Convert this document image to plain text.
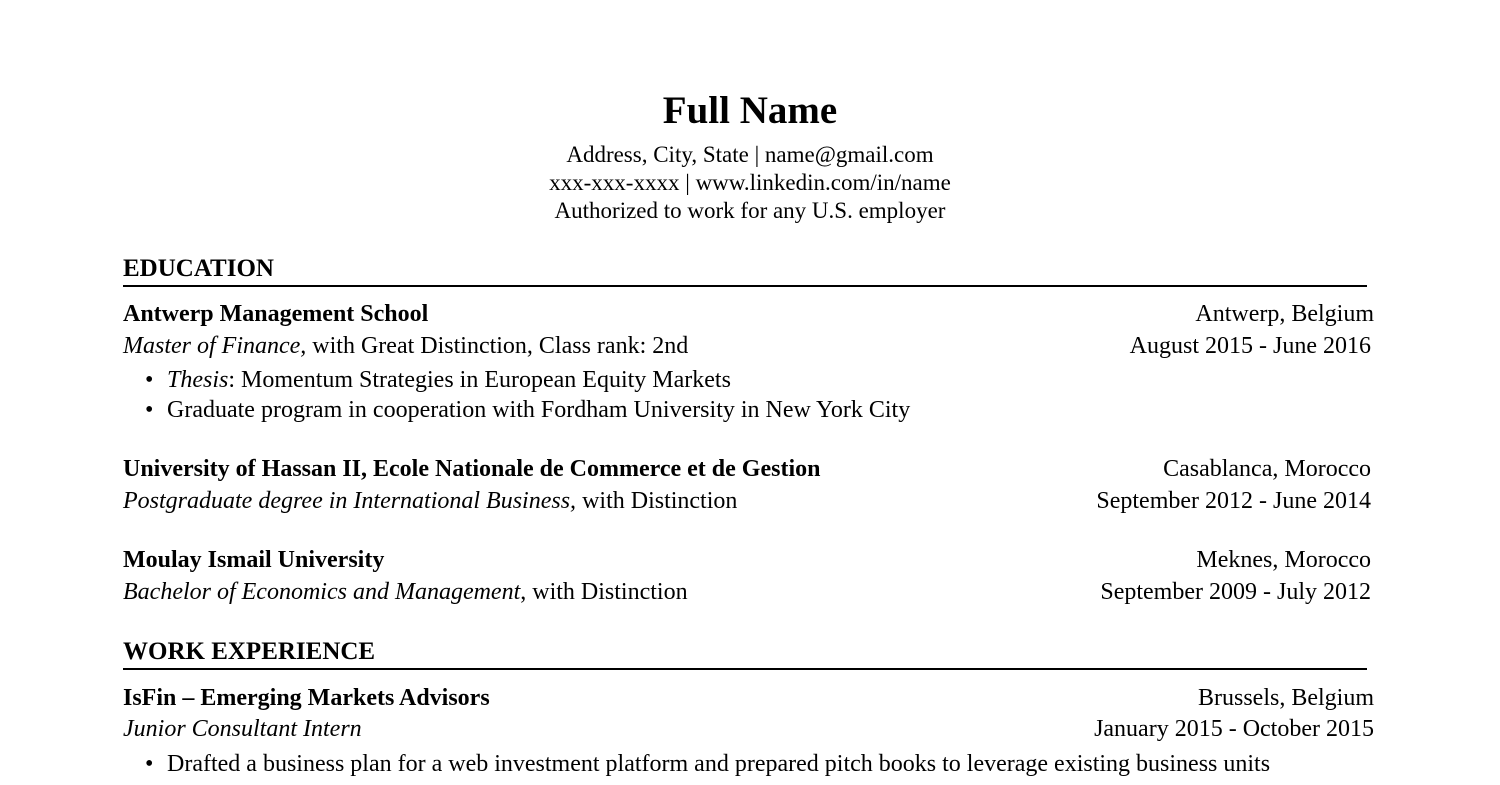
Full Name
Address, City, State | name@gmail.com
xxx-xxx-xxxx | www.linkedin.com/in/name
Authorized to work for any U.S. employer
EDUCATION
Antwerp Management School	Antwerp, Belgium
Master of Finance, with Great Distinction, Class rank: 2nd	August 2015 - June 2016
• Thesis: Momentum Strategies in European Equity Markets
• Graduate program in cooperation with Fordham University in New York City
University of Hassan II, Ecole Nationale de Commerce et de Gestion	Casablanca, Morocco
Postgraduate degree in International Business, with Distinction	September 2012 - June 2014
Moulay Ismail University	Meknes, Morocco
Bachelor of Economics and Management, with Distinction	September 2009 - July 2012
WORK EXPERIENCE
IsFin – Emerging Markets Advisors	Brussels, Belgium
Junior Consultant Intern	January 2015 - October 2015
• Drafted a business plan for a web investment platform and prepared pitch books to leverage existing business units
